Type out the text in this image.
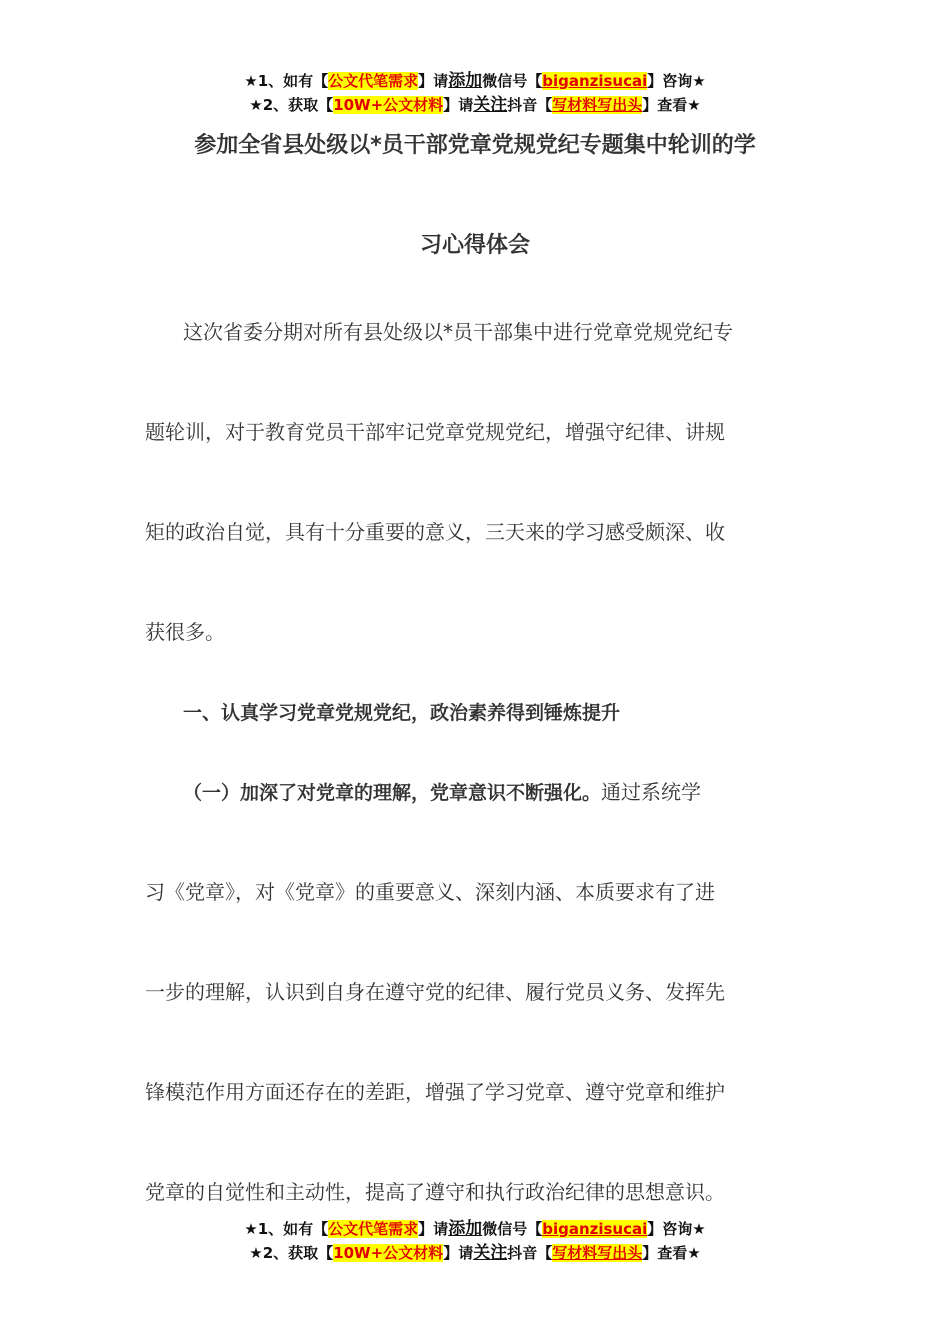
★1、如有【公文代笔需求】请添加微信号【biganzisucai】咨询★
★2、获取【10W+公文材料】请关注抖音【写材料写出头】查看★
参加全省县处级以*员干部党章党规党纪专题集中轮训的学
习心得体会
这次省委分期对所有县处级以*员干部集中进行党章党规党纪专
题轮训，对于教育党员干部牢记党章党规党纪，增强守纪律、讲规
矩的政治自觉，具有十分重要的意义，三天来的学习感受颇深、收
获很多。
一、认真学习党章党规党纪，政治素养得到锤炼提升
（一）加深了对党章的理解，党章意识不断强化。通过系统学
习《党章》，对《党章》的重要意义、深刻内涵、本质要求有了进
一步的理解，认识到自身在遵守党的纪律、履行党员义务、发挥先
锋模范作用方面还存在的差距，增强了学习党章、遵守党章和维护
党章的自觉性和主动性，提高了遵守和执行政治纪律的思想意识。
★1、如有【公文代笔需求】请添加微信号【biganzisucai】咨询★
★2、获取【10W+公文材料】请关注抖音【写材料写出头】查看★
